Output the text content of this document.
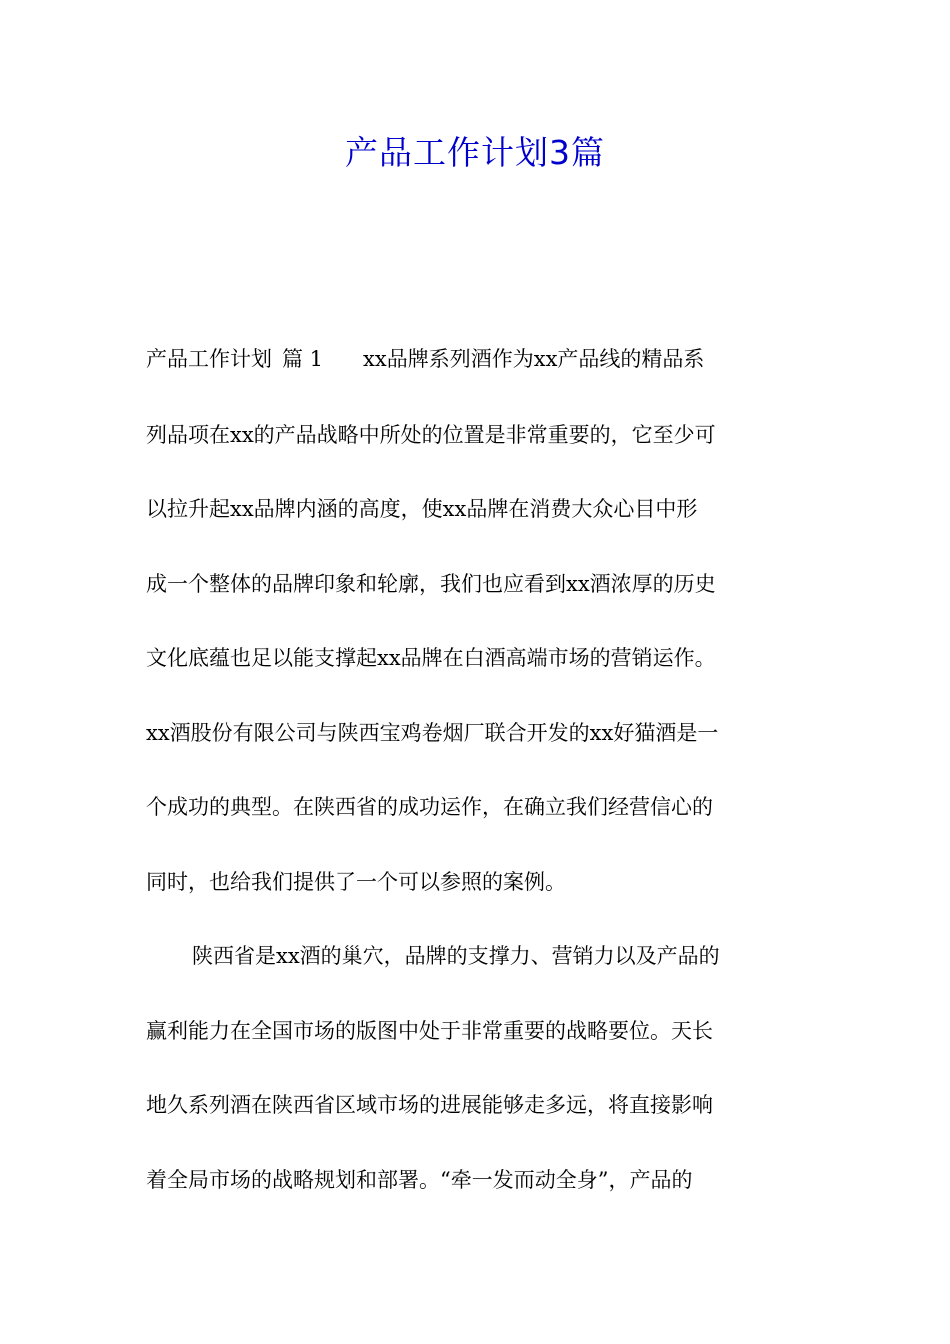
产品工作计划3篇

产品工作计划 篇 1 xx品牌系列酒作为xx产品线的精品系

列品项在xx的产品战略中所处的位置是非常重要的，它至少可

以拉升起xx品牌内涵的高度，使xx品牌在消费大众心目中形

成一个整体的品牌印象和轮廓，我们也应看到xx酒浓厚的历史

文化底蕴也足以能支撑起xx品牌在白酒高端市场的营销运作。

xx酒股份有限公司与陕西宝鸡卷烟厂联合开发的xx好猫酒是一

个成功的典型。在陕西省的成功运作，在确立我们经营信心的

同时，也给我们提供了一个可以参照的案例。

陕西省是xx酒的巢穴，品牌的支撑力、营销力以及产品的

赢利能力在全国市场的版图中处于非常重要的战略要位。天长

地久系列酒在陕西省区域市场的进展能够走多远，将直接影响

着全局市场的战略规划和部署。“牵一发而动全身”，产品的
